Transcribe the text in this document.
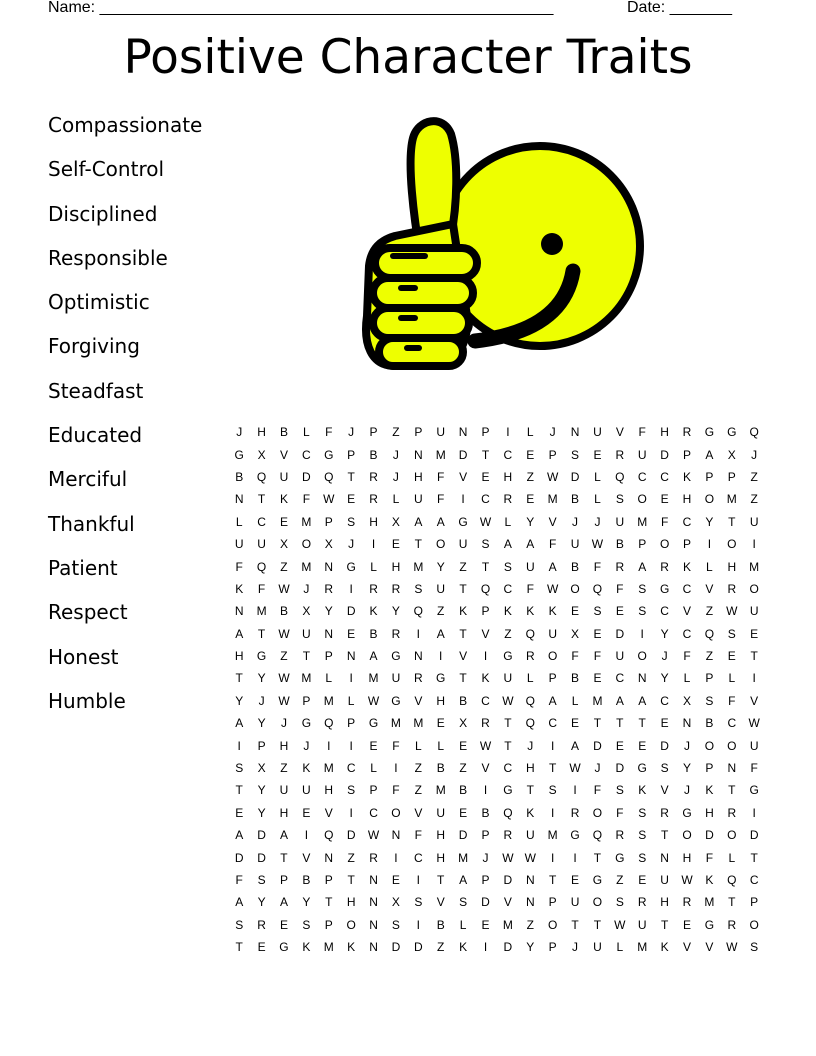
Name: ___________________________________________________	Date: _______
Positive Character Traits
Compassionate
Self-Control
Disciplined
Responsible
Optimistic
Forgiving
Steadfast
Educated
Merciful
Thankful
Patient
Respect
Honest
Humble
J	H	B	L	F	J	P	Z	P	U	N	P	I	L	J	N	U	V	F	H	R	G	G	Q
G	X	V	C	G	P	B	J	N	M	D	T	C	E	P	S	E	R	U	D	P	A	X	J
B	Q	U	D	Q	T	R	J	H	F	V	E	H	Z	W	D	L	Q	C	C	K	P	P	Z
N	T	K	F	W	E	R	L	U	F	I	C	R	E	M	B	L	S	O	E	H	O	M	Z
L	C	E	M	P	S	H	X	A	A	G	W	L	Y	V	J	J	U	M	F	C	Y	T	U
U	U	X	O	X	J	I	E	T	O	U	S	A	A	F	U	W	B	P	O	P	I	O	I
F	Q	Z	M	N	G	L	H	M	Y	Z	T	S	U	A	B	F	R	A	R	K	L	H	M
K	F	W	J	R	I	R	R	S	U	T	Q	C	F	W	O	Q	F	S	G	C	V	R	O
N	M	B	X	Y	D	K	Y	Q	Z	K	P	K	K	K	E	S	E	S	C	V	Z	W	U
A	T	W	U	N	E	B	R	I	A	T	V	Z	Q	U	X	E	D	I	Y	C	Q	S	E
H	G	Z	T	P	N	A	G	N	I	V	I	G	R	O	F	F	U	O	J	F	Z	E	T
T	Y	W	M	L	I	M	U	R	G	T	K	U	L	P	B	E	C	N	Y	L	P	L	I
Y	J	W	P	M	L	W	G	V	H	B	C	W	Q	A	L	M	A	A	C	X	S	F	V
A	Y	J	G	Q	P	G	M	M	E	X	R	T	Q	C	E	T	T	T	E	N	B	C	W
I	P	H	J	I	I	E	F	L	L	E	W	T	J	I	A	D	E	E	D	J	O	O	U
S	X	Z	K	M	C	L	I	Z	B	Z	V	C	H	T	W	J	D	G	S	Y	P	N	F
T	Y	U	U	H	S	P	F	Z	M	B	I	G	T	S	I	F	S	K	V	J	K	T	G
E	Y	H	E	V	I	C	O	V	U	E	B	Q	K	I	R	O	F	S	R	G	H	R	I
A	D	A	I	Q	D	W	N	F	H	D	P	R	U	M	G	Q	R	S	T	O	D	O	D
D	D	T	V	N	Z	R	I	C	H	M	J	W	W	I	I	T	G	S	N	H	F	L	T
F	S	P	B	P	T	N	E	I	T	A	P	D	N	T	E	G	Z	E	U	W	K	Q	C
A	Y	A	Y	T	H	N	X	S	V	S	D	V	N	P	U	O	S	R	H	R	M	T	P
S	R	E	S	P	O	N	S	I	B	L	E	M	Z	O	T	T	W	U	T	E	G	R	O
T	E	G	K	M	K	N	D	D	Z	K	I	D	Y	P	J	U	L	M	K	V	V	W	S
